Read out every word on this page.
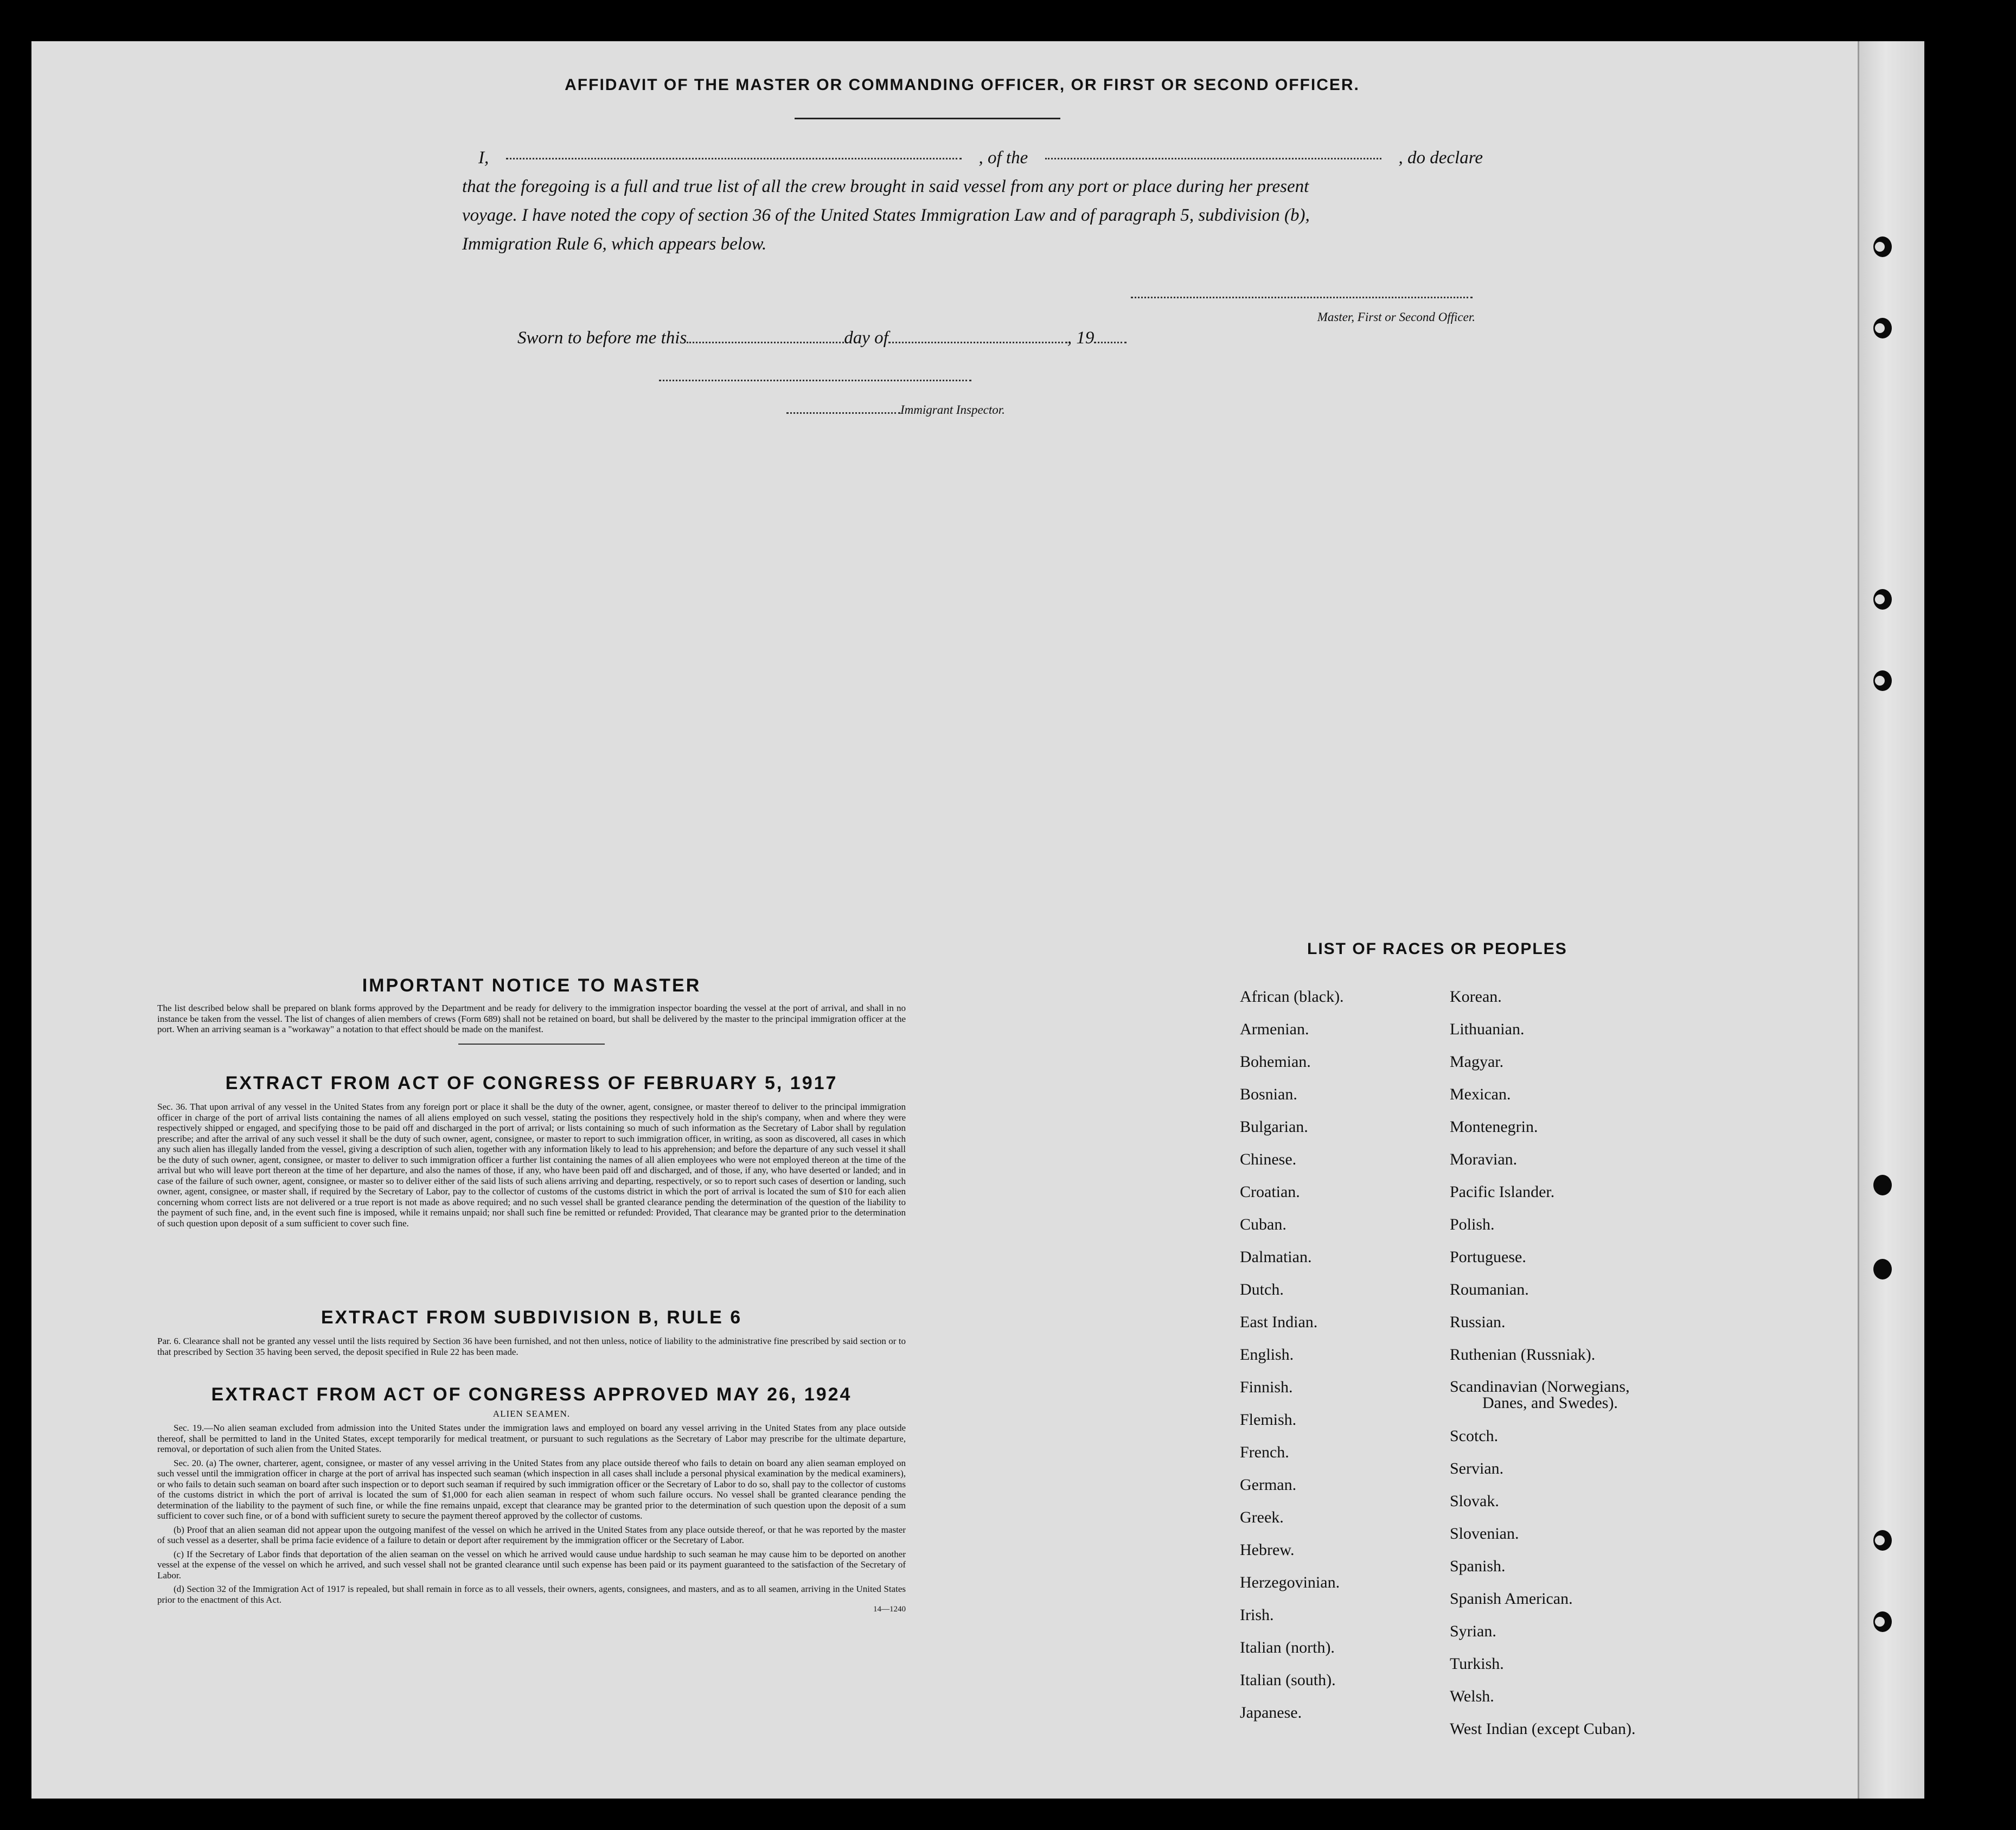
AFFIDAVIT OF THE MASTER OR COMMANDING OFFICER, OR FIRST OR SECOND OFFICER.
I,	, of the	, do declare
that the foregoing is a full and true list of all the crew brought in said vessel from any port or place during her present
voyage. I have noted the copy of section 36 of the United States Immigration Law and of paragraph 5, subdivision (b),
Immigration Rule 6, which appears below.
Master, First or Second Officer.
Sworn to before me this	day of	, 19
Immigrant Inspector.
IMPORTANT NOTICE TO MASTER
The list described below shall be prepared on blank forms approved by the Department and be ready for delivery to the immigration inspector boarding the vessel at the port of arrival, and shall in no instance be taken from the vessel. The list of changes of alien members of crews (Form 689) shall not be retained on board, but shall be delivered by the master to the principal immigration officer at the port. When an arriving seaman is a "workaway" a notation to that effect should be made on the manifest.
EXTRACT FROM ACT OF CONGRESS OF FEBRUARY 5, 1917
Sec. 36. That upon arrival of any vessel in the United States from any foreign port or place it shall be the duty of the owner, agent, consignee, or master thereof to deliver to the principal immigration officer in charge of the port of arrival lists containing the names of all aliens employed on such vessel, stating the positions they respectively hold in the ship's company, when and where they were respectively shipped or engaged, and specifying those to be paid off and discharged in the port of arrival; or lists containing so much of such information as the Secretary of Labor shall by regulation prescribe; and after the arrival of any such vessel it shall be the duty of such owner, agent, consignee, or master to report to such immigration officer, in writing, as soon as discovered, all cases in which any such alien has illegally landed from the vessel, giving a description of such alien, together with any information likely to lead to his apprehension; and before the departure of any such vessel it shall be the duty of such owner, agent, consignee, or master to deliver to such immigration officer a further list containing the names of all alien employees who were not employed thereon at the time of the arrival but who will leave port thereon at the time of her departure, and also the names of those, if any, who have been paid off and discharged, and of those, if any, who have deserted or landed; and in case of the failure of such owner, agent, consignee, or master so to deliver either of the said lists of such aliens arriving and departing, respectively, or so to report such cases of desertion or landing, such owner, agent, consignee, or master shall, if required by the Secretary of Labor, pay to the collector of customs of the customs district in which the port of arrival is located the sum of $10 for each alien concerning whom correct lists are not delivered or a true report is not made as above required; and no such vessel shall be granted clearance pending the determination of the question of the liability to the payment of such fine, and, in the event such fine is imposed, while it remains unpaid; nor shall such fine be remitted or refunded: Provided, That clearance may be granted prior to the determination of such question upon deposit of a sum sufficient to cover such fine.
EXTRACT FROM SUBDIVISION B, RULE 6
Par. 6. Clearance shall not be granted any vessel until the lists required by Section 36 have been furnished, and not then unless, notice of liability to the administrative fine prescribed by said section or to that prescribed by Section 35 having been served, the deposit specified in Rule 22 has been made.
EXTRACT FROM ACT OF CONGRESS APPROVED MAY 26, 1924
ALIEN SEAMEN.
Sec. 19.—No alien seaman excluded from admission into the United States under the immigration laws and employed on board any vessel arriving in the United States from any place outside thereof, shall be permitted to land in the United States, except temporarily for medical treatment, or pursuant to such regulations as the Secretary of Labor may prescribe for the ultimate departure, removal, or deportation of such alien from the United States.
Sec. 20. (a) The owner, charterer, agent, consignee, or master of any vessel arriving in the United States from any place outside thereof who fails to detain on board any alien seaman employed on such vessel until the immigration officer in charge at the port of arrival has inspected such seaman (which inspection in all cases shall include a personal physical examination by the medical examiners), or who fails to detain such seaman on board after such inspection or to deport such seaman if required by such immigration officer or the Secretary of Labor to do so, shall pay to the collector of customs of the customs district in which the port of arrival is located the sum of $1,000 for each alien seaman in respect of whom such failure occurs. No vessel shall be granted clearance pending the determination of the liability to the payment of such fine, or while the fine remains unpaid, except that clearance may be granted prior to the determination of such question upon the deposit of a sum sufficient to cover such fine, or of a bond with sufficient surety to secure the payment thereof approved by the collector of customs.
(b) Proof that an alien seaman did not appear upon the outgoing manifest of the vessel on which he arrived in the United States from any place outside thereof, or that he was reported by the master of such vessel as a deserter, shall be prima facie evidence of a failure to detain or deport after requirement by the immigration officer or the Secretary of Labor.
(c) If the Secretary of Labor finds that deportation of the alien seaman on the vessel on which he arrived would cause undue hardship to such seaman he may cause him to be deported on another vessel at the expense of the vessel on which he arrived, and such vessel shall not be granted clearance until such expense has been paid or its payment guaranteed to the satisfaction of the Secretary of Labor.
(d) Section 32 of the Immigration Act of 1917 is repealed, but shall remain in force as to all vessels, their owners, agents, consignees, and masters, and as to all seamen, arriving in the United States prior to the enactment of this Act.
14—1240
LIST OF RACES OR PEOPLES
African (black).
Armenian.
Bohemian.
Bosnian.
Bulgarian.
Chinese.
Croatian.
Cuban.
Dalmatian.
Dutch.
East Indian.
English.
Finnish.
Flemish.
French.
German.
Greek.
Hebrew.
Herzegovinian.
Irish.
Italian (north).
Italian (south).
Japanese.
Korean.
Lithuanian.
Magyar.
Mexican.
Montenegrin.
Moravian.
Pacific Islander.
Polish.
Portuguese.
Roumanian.
Russian.
Ruthenian (Russniak).
Scandinavian (Norwegians,
Danes, and Swedes).
Scotch.
Servian.
Slovak.
Slovenian.
Spanish.
Spanish American.
Syrian.
Turkish.
Welsh.
West Indian (except Cuban).
